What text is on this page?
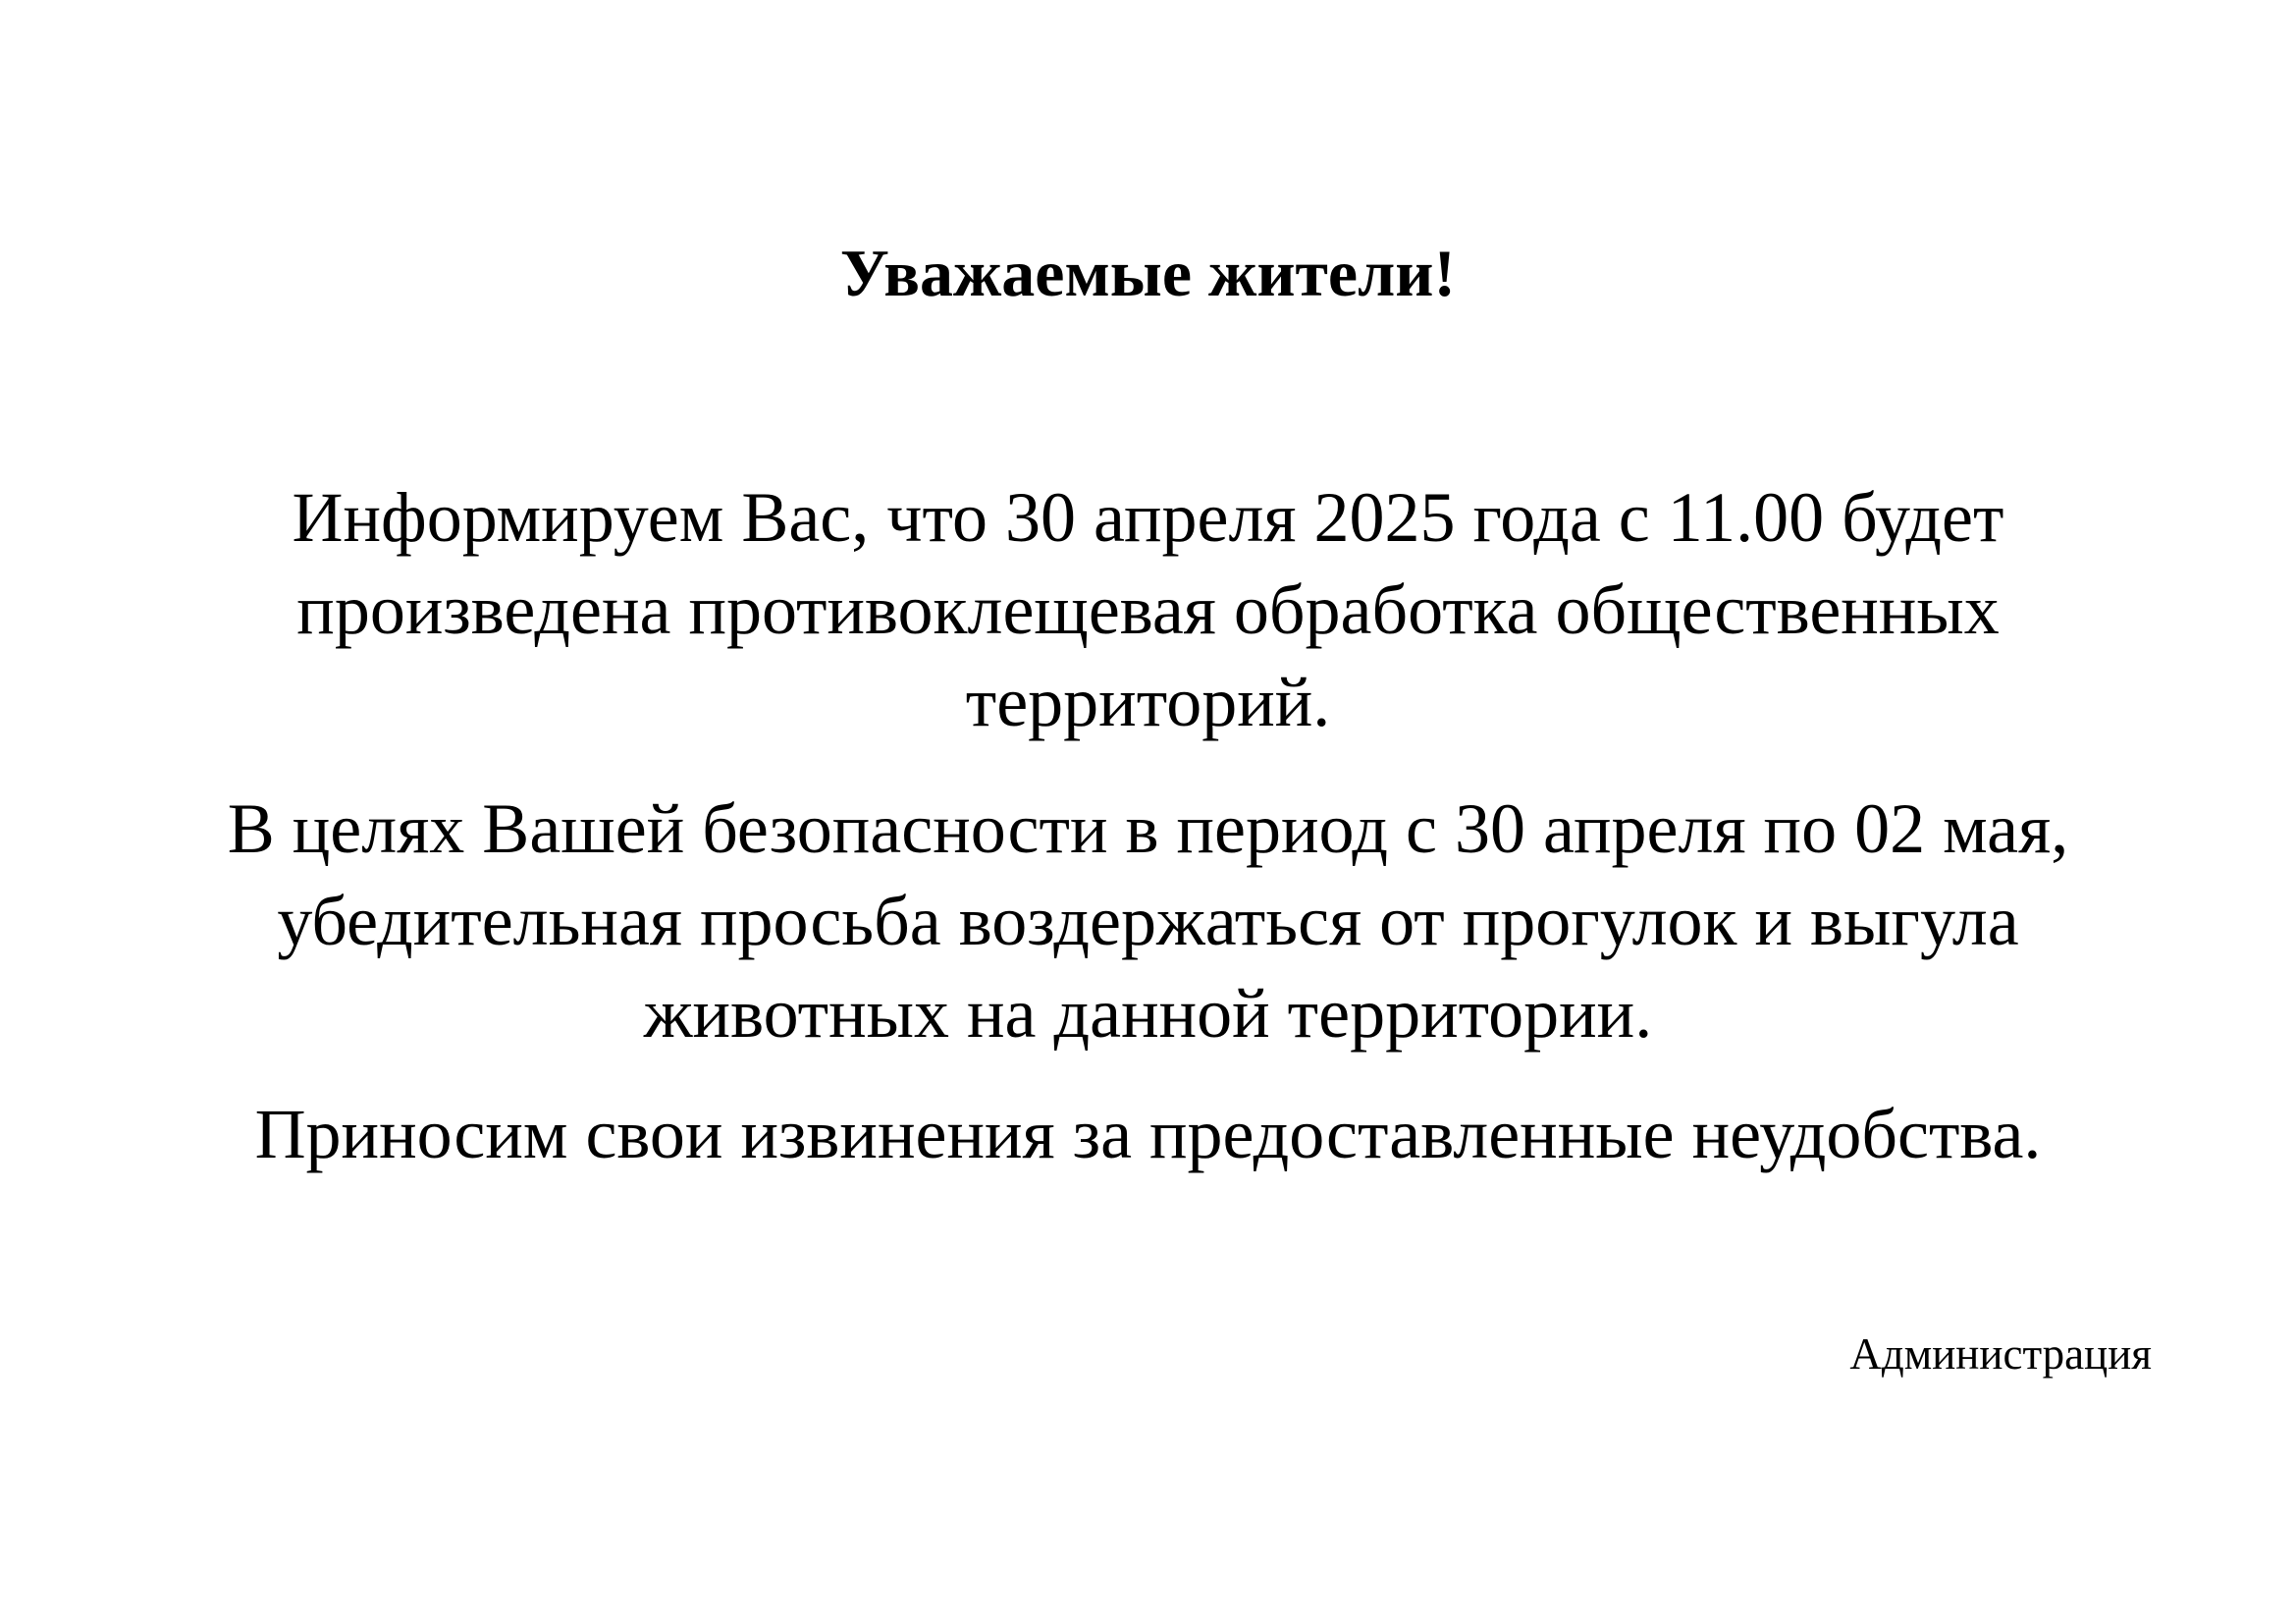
Уважаемые жители!
Информируем Вас, что 30 апреля 2025 года с 11.00 будет произведена противоклещевая обработка общественных территорий.
В целях Вашей безопасности в период с 30 апреля по 02 мая, убедительная просьба воздержаться от прогулок и выгула животных на данной территории.
Приносим свои извинения за предоставленные неудобства.
Администрация
